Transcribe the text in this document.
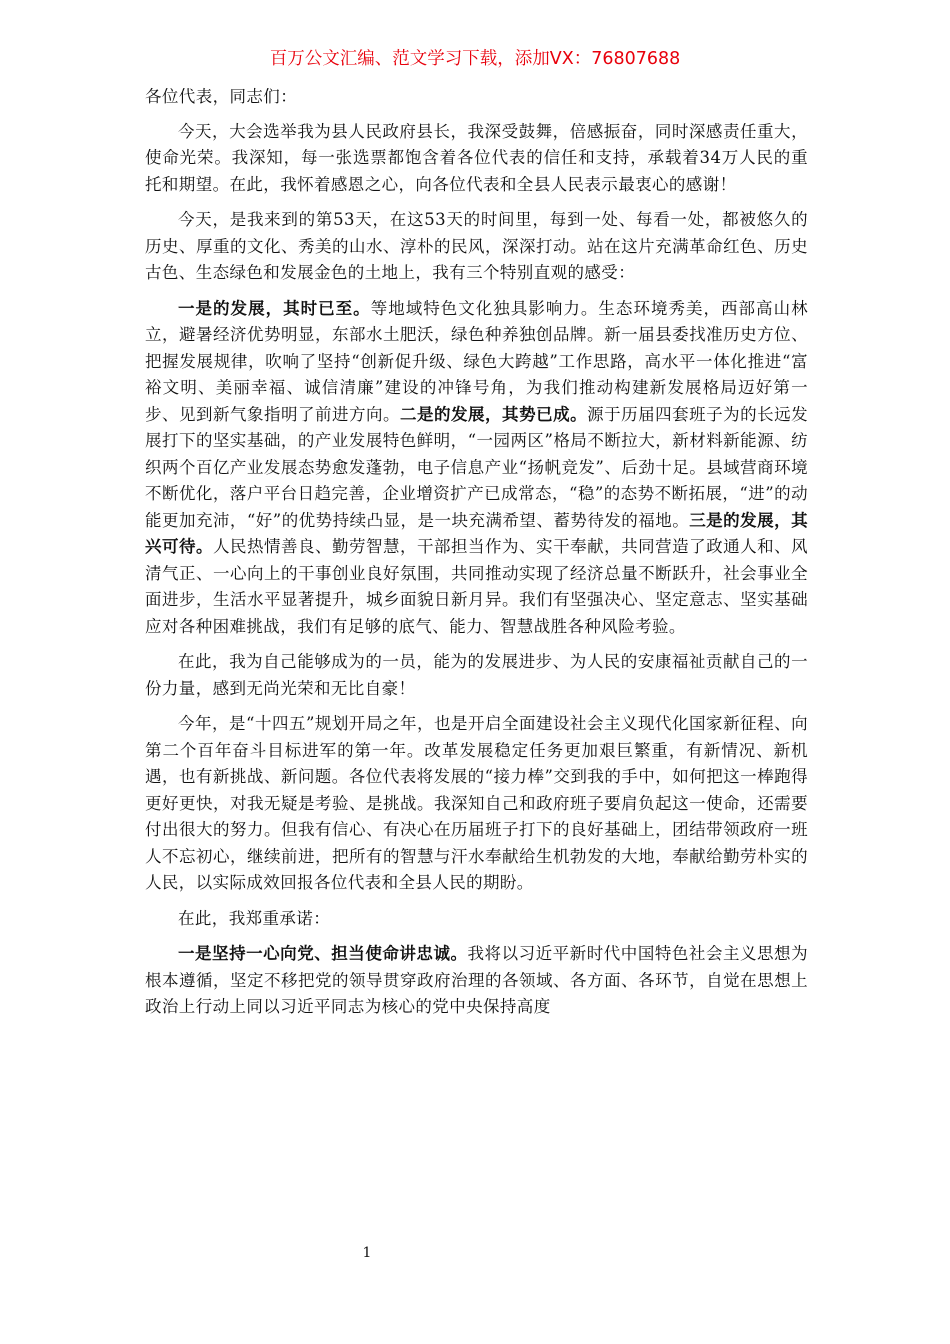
百万公文汇编、范文学习下载，添加VX：76807688

各位代表，同志们：

今天，大会选举我为县人民政府县长，我深受鼓舞，倍感振奋，同时深感责任重大，使命光荣。我深知，每一张选票都饱含着各位代表的信任和支持，承载着34万人民的重托和期望。在此，我怀着感恩之心，向各位代表和全县人民表示最衷心的感谢！

今天，是我来到的第53天，在这53天的时间里，每到一处、每看一处，都被悠久的历史、厚重的文化、秀美的山水、淳朴的民风，深深打动。站在这片充满革命红色、历史古色、生态绿色和发展金色的土地上，我有三个特别直观的感受：

一是的发展，其时已至。等地域特色文化独具影响力。生态环境秀美，西部高山林立，避暑经济优势明显，东部水土肥沃，绿色种养独创品牌。新一届县委找准历史方位、把握发展规律，吹响了坚持“创新促升级、绿色大跨越”工作思路，高水平一体化推进“富裕文明、美丽幸福、诚信清廉”建设的冲锋号角，为我们推动构建新发展格局迈好第一步、见到新气象指明了前进方向。二是的发展，其势已成。源于历届四套班子为的长远发展打下的坚实基础，的产业发展特色鲜明，“一园两区”格局不断拉大，新材料新能源、纺织两个百亿产业发展态势愈发蓬勃，电子信息产业“扬帆竞发”、后劲十足。县域营商环境不断优化，落户平台日趋完善，企业增资扩产已成常态，“稳”的态势不断拓展，“进”的动能更加充沛，“好”的优势持续凸显，是一块充满希望、蓄势待发的福地。三是的发展，其兴可待。人民热情善良、勤劳智慧，干部担当作为、实干奉献，共同营造了政通人和、风清气正、一心向上的干事创业良好氛围，共同推动实现了经济总量不断跃升，社会事业全面进步，生活水平显著提升，城乡面貌日新月异。我们有坚强决心、坚定意志、坚实基础应对各种困难挑战，我们有足够的底气、能力、智慧战胜各种风险考验。

在此，我为自己能够成为的一员，能为的发展进步、为人民的安康福祉贡献自己的一份力量，感到无尚光荣和无比自豪！

今年，是“十四五”规划开局之年，也是开启全面建设社会主义现代化国家新征程、向第二个百年奋斗目标进军的第一年。改革发展稳定任务更加艰巨繁重，有新情况、新机遇，也有新挑战、新问题。各位代表将发展的“接力棒”交到我的手中，如何把这一棒跑得更好更快，对我无疑是考验、是挑战。我深知自己和政府班子要肩负起这一使命，还需要付出很大的努力。但我有信心、有决心在历届班子打下的良好基础上，团结带领政府一班人不忘初心，继续前进，把所有的智慧与汗水奉献给生机勃发的大地，奉献给勤劳朴实的人民，以实际成效回报各位代表和全县人民的期盼。

在此，我郑重承诺：

一是坚持一心向党、担当使命讲忠诚。我将以习近平新时代中国特色社会主义思想为根本遵循，坚定不移把党的领导贯穿政府治理的各领域、各方面、各环节，自觉在思想上政治上行动上同以习近平同志为核心的党中央保持高度

1
